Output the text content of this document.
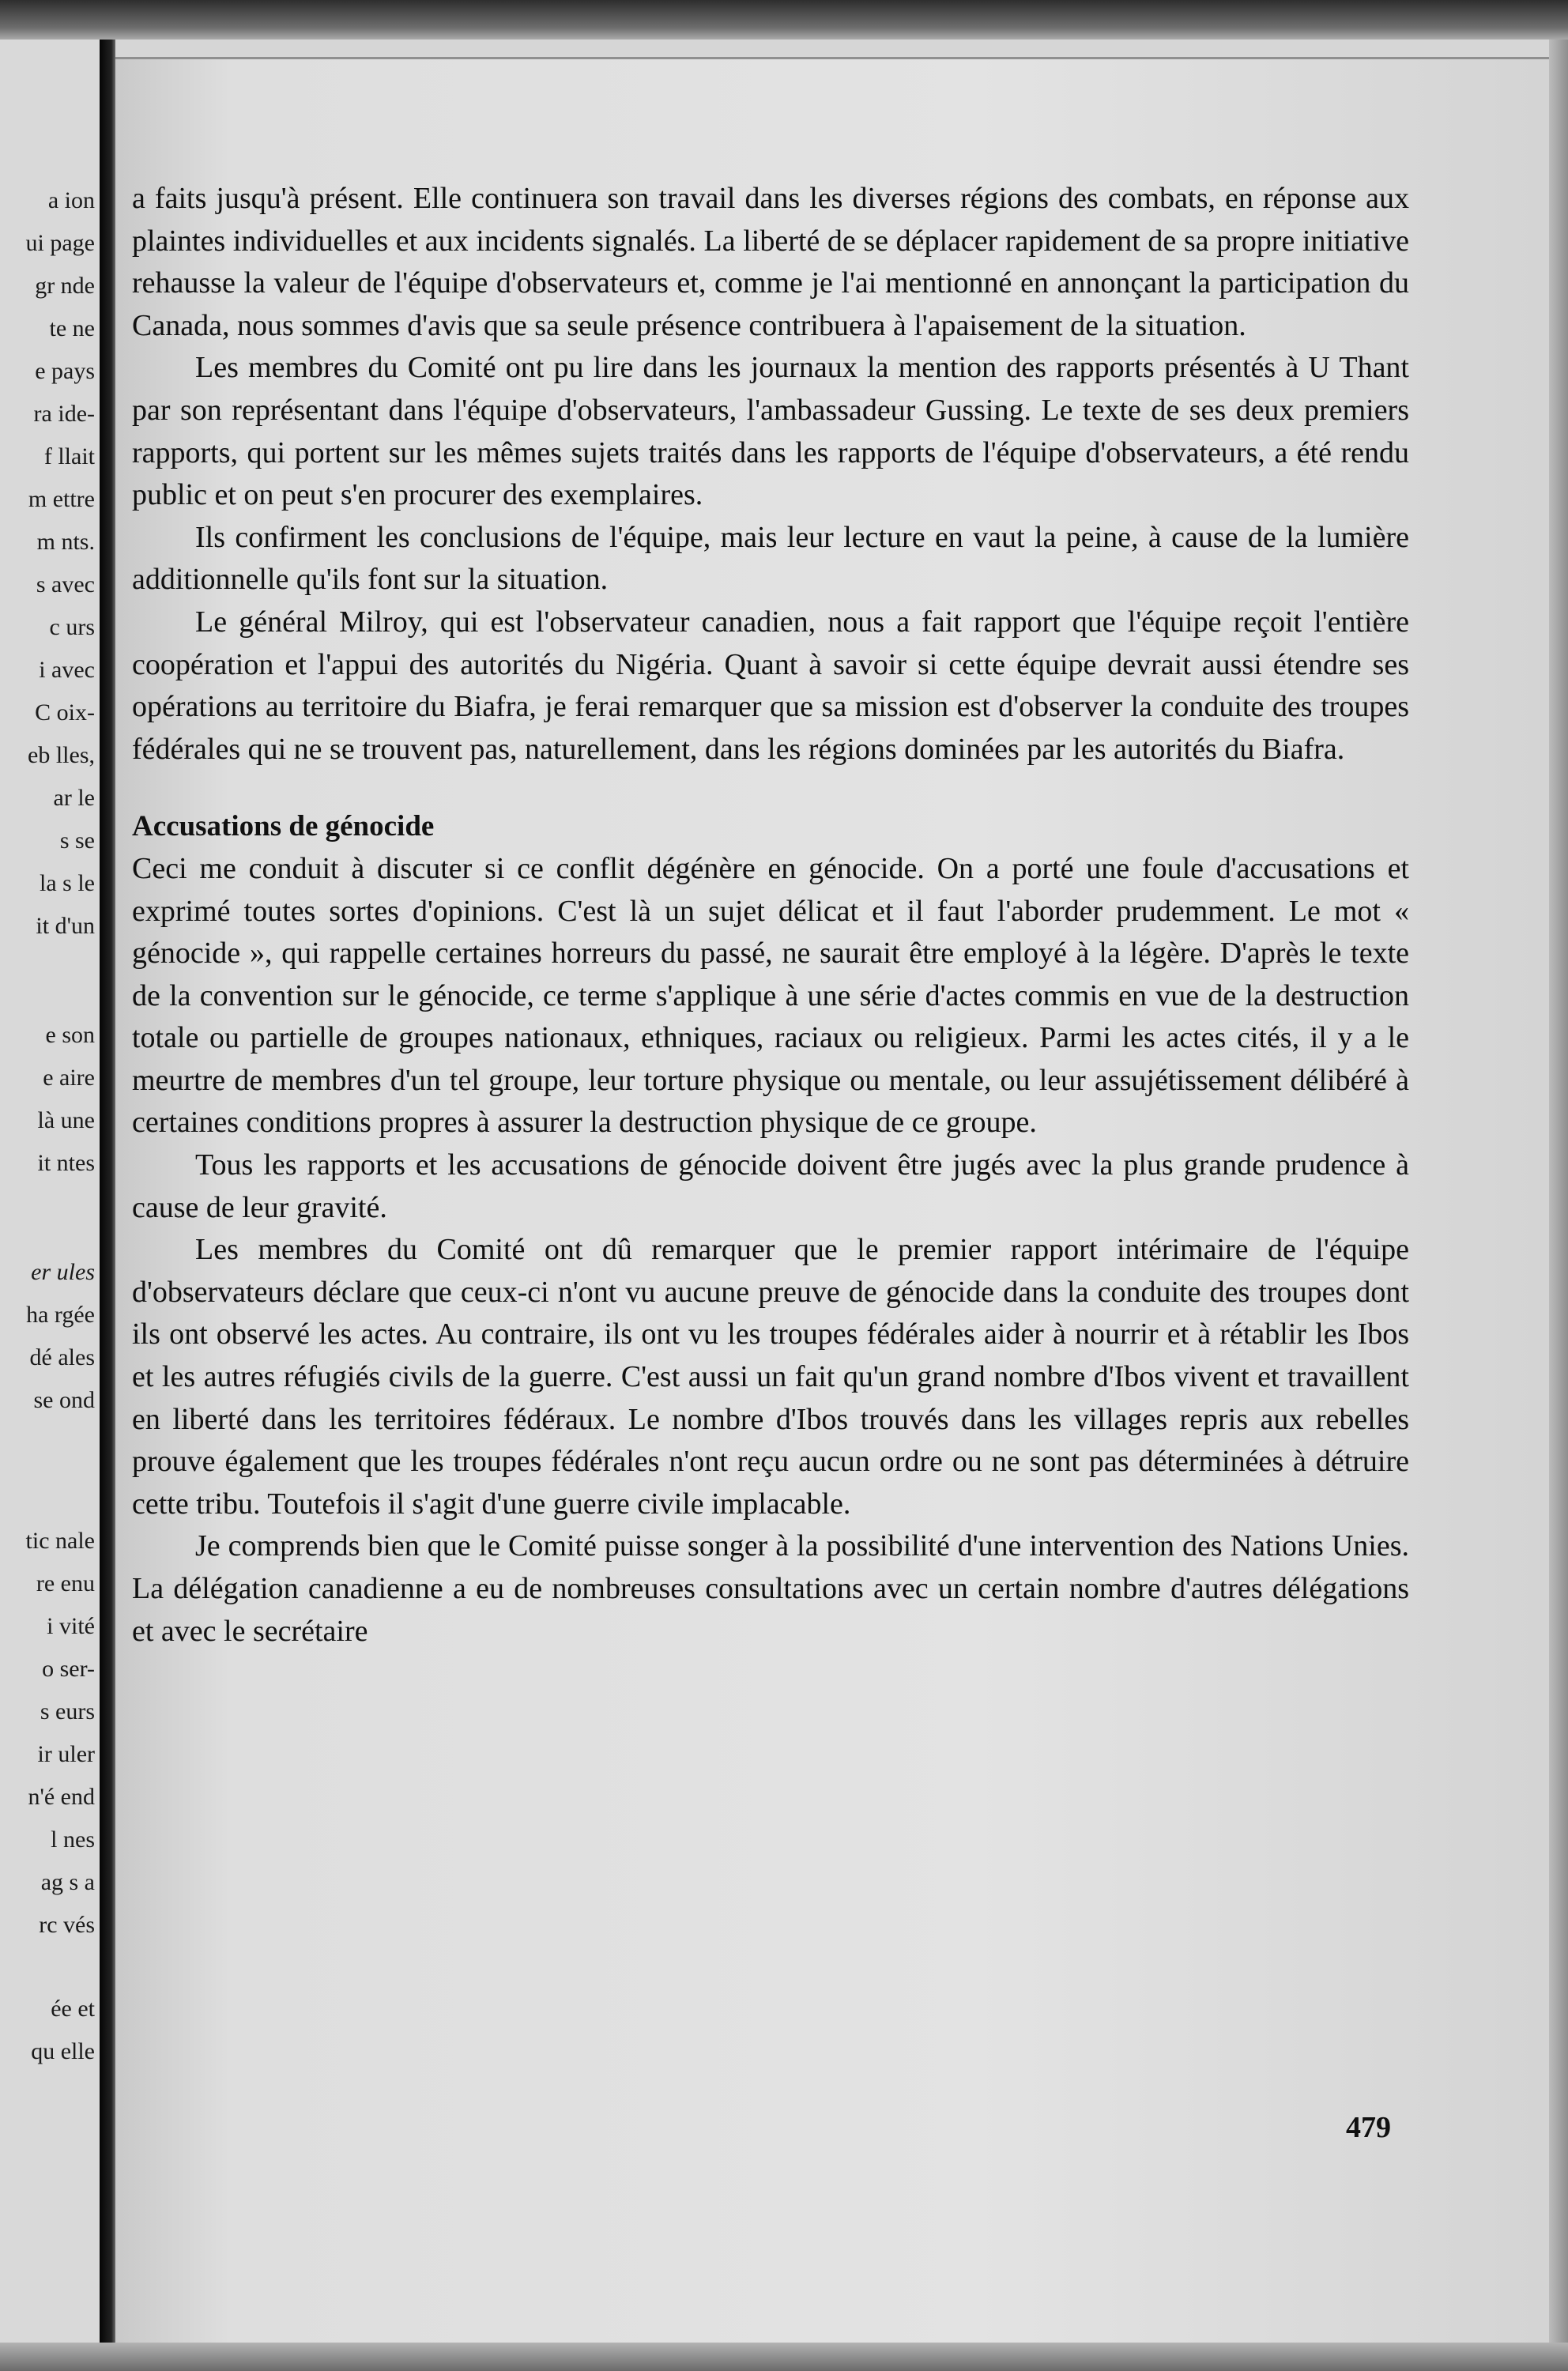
a ion
ui page
gr nde
te ne
e pays
ra ide-
f llait
m ettre
m nts.
s avec
c urs
i avec
C oix-
eb lles,
ar le
s se
la s le
it d'un
e son
e aire
là une
it ntes
er ules
ha rgée
dé ales
se ond
tic nale
re enu
i vité
o ser-
s eurs
ir uler
n'é end
l nes
ag s a
rc vés
ée et
qu elle

a faits jusqu'à présent. Elle continuera son travail dans les diverses régions des combats, en réponse aux plaintes individuelles et aux incidents signalés. La liberté de se déplacer rapidement de sa propre initiative rehausse la valeur de l'équipe d'observateurs et, comme je l'ai mentionné en annonçant la participation du Canada, nous sommes d'avis que sa seule présence contribuera à l'apaisement de la situation.

Les membres du Comité ont pu lire dans les journaux la mention des rapports présentés à U Thant par son représentant dans l'équipe d'observateurs, l'ambassadeur Gussing. Le texte de ses deux premiers rapports, qui portent sur les mêmes sujets traités dans les rapports de l'équipe d'observateurs, a été rendu public et on peut s'en procurer des exemplaires.

Ils confirment les conclusions de l'équipe, mais leur lecture en vaut la peine, à cause de la lumière additionnelle qu'ils font sur la situation.

Le général Milroy, qui est l'observateur canadien, nous a fait rapport que l'équipe reçoit l'entière coopération et l'appui des autorités du Nigéria. Quant à savoir si cette équipe devrait aussi étendre ses opérations au territoire du Biafra, je ferai remarquer que sa mission est d'observer la conduite des troupes fédérales qui ne se trouvent pas, naturellement, dans les régions dominées par les autorités du Biafra.

Accusations de génocide

Ceci me conduit à discuter si ce conflit dégénère en génocide. On a porté une foule d'accusations et exprimé toutes sortes d'opinions. C'est là un sujet délicat et il faut l'aborder prudemment. Le mot « génocide », qui rappelle certaines horreurs du passé, ne saurait être employé à la légère. D'après le texte de la convention sur le génocide, ce terme s'applique à une série d'actes commis en vue de la destruction totale ou partielle de groupes nationaux, ethniques, raciaux ou religieux. Parmi les actes cités, il y a le meurtre de membres d'un tel groupe, leur torture physique ou mentale, ou leur assujétissement délibéré à certaines conditions propres à assurer la destruction physique de ce groupe.

Tous les rapports et les accusations de génocide doivent être jugés avec la plus grande prudence à cause de leur gravité.

Les membres du Comité ont dû remarquer que le premier rapport intérimaire de l'équipe d'observateurs déclare que ceux-ci n'ont vu aucune preuve de génocide dans la conduite des troupes dont ils ont observé les actes. Au contraire, ils ont vu les troupes fédérales aider à nourrir et à rétablir les Ibos et les autres réfugiés civils de la guerre. C'est aussi un fait qu'un grand nombre d'Ibos vivent et travaillent en liberté dans les territoires fédéraux. Le nombre d'Ibos trouvés dans les villages repris aux rebelles prouve également que les troupes fédérales n'ont reçu aucun ordre ou ne sont pas déterminées à détruire cette tribu. Toutefois il s'agit d'une guerre civile implacable.

Je comprends bien que le Comité puisse songer à la possibilité d'une intervention des Nations Unies. La délégation canadienne a eu de nombreuses consultations avec un certain nombre d'autres délégations et avec le secrétaire

479
